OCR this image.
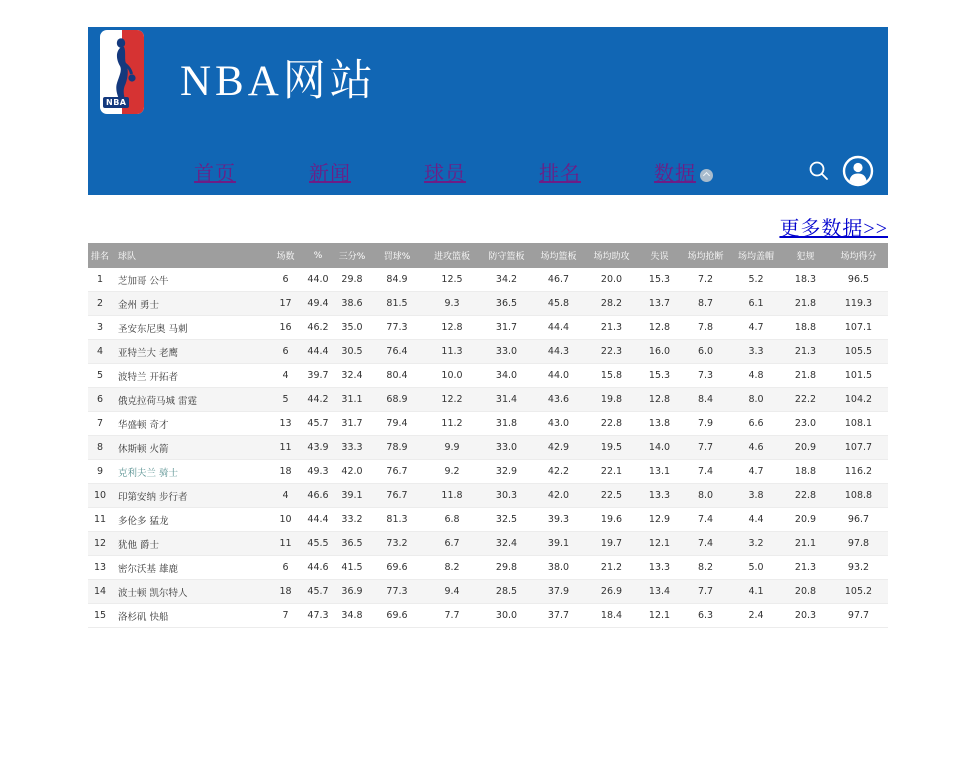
NBA NBA网站
首页	新闻	球员	排名	数据
更多数据>>
排名	球队	场数	%	三分%	罚球%	进攻篮板	防守篮板	场均篮板	场均助攻	失误	场均抢断	场均盖帽	犯规	场均得分
1	芝加哥 公牛	6	44.0	29.8	84.9	12.5	34.2	46.7	20.0	15.3	7.2	5.2	18.3	96.5
2	金州 勇士	17	49.4	38.6	81.5	9.3	36.5	45.8	28.2	13.7	8.7	6.1	21.8	119.3
3	圣安东尼奥 马刺	16	46.2	35.0	77.3	12.8	31.7	44.4	21.3	12.8	7.8	4.7	18.8	107.1
4	亚特兰大 老鹰	6	44.4	30.5	76.4	11.3	33.0	44.3	22.3	16.0	6.0	3.3	21.3	105.5
5	波特兰 开拓者	4	39.7	32.4	80.4	10.0	34.0	44.0	15.8	15.3	7.3	4.8	21.8	101.5
6	俄克拉荷马城 雷霆	5	44.2	31.1	68.9	12.2	31.4	43.6	19.8	12.8	8.4	8.0	22.2	104.2
7	华盛顿 奇才	13	45.7	31.7	79.4	11.2	31.8	43.0	22.8	13.8	7.9	6.6	23.0	108.1
8	休斯顿 火箭	11	43.9	33.3	78.9	9.9	33.0	42.9	19.5	14.0	7.7	4.6	20.9	107.7
9	克利夫兰 骑士	18	49.3	42.0	76.7	9.2	32.9	42.2	22.1	13.1	7.4	4.7	18.8	116.2
10	印第安纳 步行者	4	46.6	39.1	76.7	11.8	30.3	42.0	22.5	13.3	8.0	3.8	22.8	108.8
11	多伦多 猛龙	10	44.4	33.2	81.3	6.8	32.5	39.3	19.6	12.9	7.4	4.4	20.9	96.7
12	犹他 爵士	11	45.5	36.5	73.2	6.7	32.4	39.1	19.7	12.1	7.4	3.2	21.1	97.8
13	密尔沃基 雄鹿	6	44.6	41.5	69.6	8.2	29.8	38.0	21.2	13.3	8.2	5.0	21.3	93.2
14	波士顿 凯尔特人	18	45.7	36.9	77.3	9.4	28.5	37.9	26.9	13.4	7.7	4.1	20.8	105.2
15	洛杉矶 快船	7	47.3	34.8	69.6	7.7	30.0	37.7	18.4	12.1	6.3	2.4	20.3	97.7
